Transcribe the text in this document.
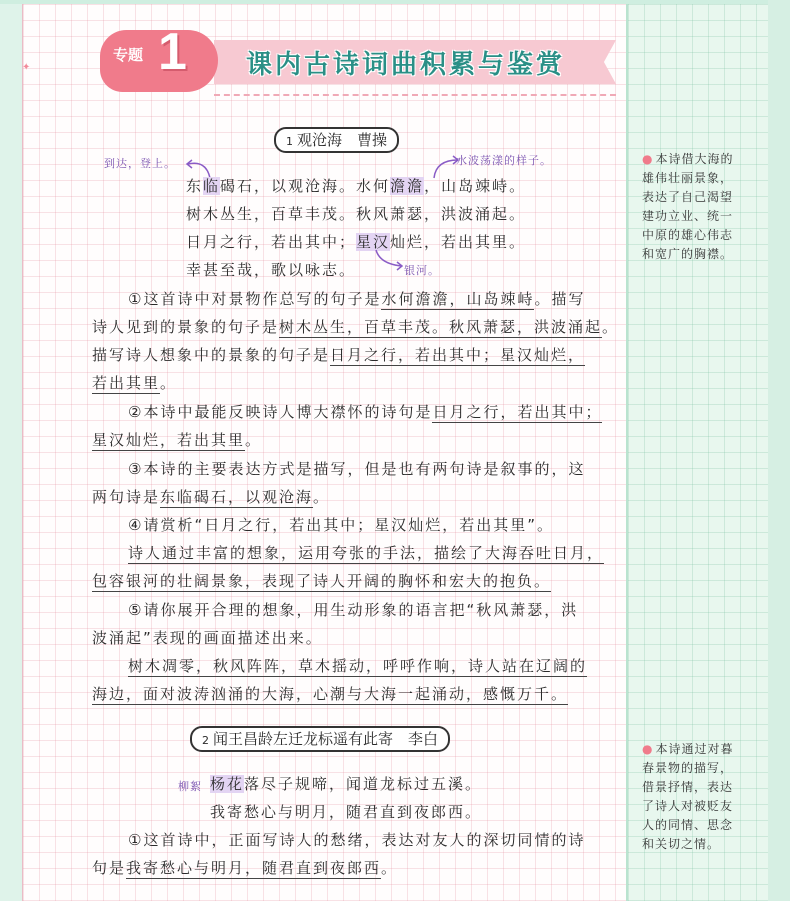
✦
专题 1 课内古诗词曲积累与鉴赏
1 观沧海　曹操
到达，登上。	水波荡漾的样子。
东临碣石，以观沧海。水何澹澹，山岛竦峙。
树木丛生，百草丰茂。秋风萧瑟，洪波涌起。
日月之行，若出其中；星汉灿烂，若出其里。
银河。
幸甚至哉，歌以咏志。
①这首诗中对景物作总写的句子是水何澹澹，山岛竦峙。描写
诗人见到的景象的句子是树木丛生，百草丰茂。秋风萧瑟，洪波涌起。
描写诗人想象中的景象的句子是日月之行，若出其中；星汉灿烂，
若出其里。
②本诗中最能反映诗人博大襟怀的诗句是日月之行，若出其中；
星汉灿烂，若出其里。
③本诗的主要表达方式是描写，但是也有两句诗是叙事的，这
两句诗是东临碣石，以观沧海。
④请赏析“日月之行，若出其中；星汉灿烂，若出其里”。
诗人通过丰富的想象，运用夸张的手法，描绘了大海吞吐日月，
包容银河的壮阔景象，表现了诗人开阔的胸怀和宏大的抱负。
⑤请你展开合理的想象，用生动形象的语言把“秋风萧瑟，洪
波涌起”表现的画面描述出来。
树木凋零，秋风阵阵，草木摇动，呼呼作响，诗人站在辽阔的
海边，面对波涛汹涌的大海，心潮与大海一起涌动，感慨万千。
2 闻王昌龄左迁龙标遥有此寄　李白
柳絮 杨花落尽子规啼，闻道龙标过五溪。
我寄愁心与明月，随君直到夜郎西。
①这首诗中，正面写诗人的愁绪，表达对友人的深切同情的诗
句是我寄愁心与明月，随君直到夜郎西。
● 本诗借大海的雄伟壮丽景象，表达了自己渴望建功立业、统一中原的雄心伟志和宽广的胸襟。
● 本诗通过对暮春景物的描写，借景抒情，表达了诗人对被贬友人的同情、思念和关切之情。
